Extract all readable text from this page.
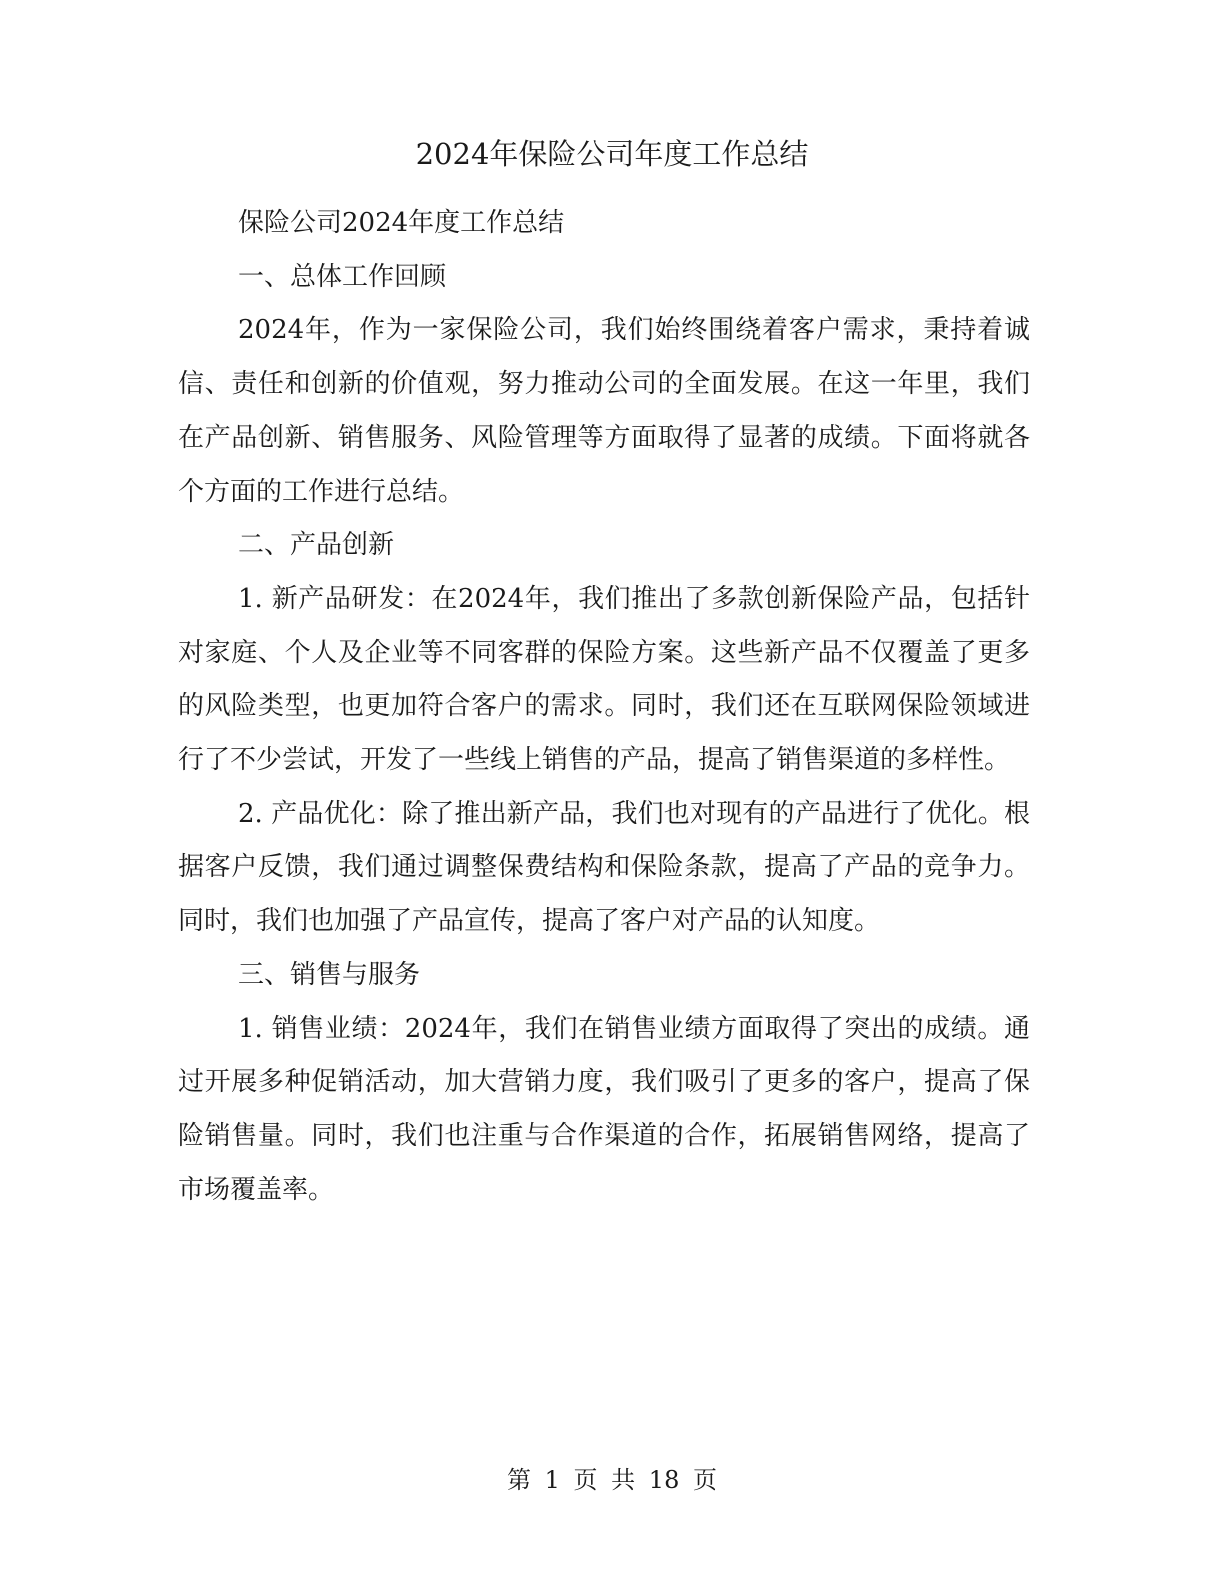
2024年保险公司年度工作总结

保险公司2024年度工作总结

一、总体工作回顾

2024年，作为一家保险公司，我们始终围绕着客户需求，秉持着诚信、责任和创新的价值观，努力推动公司的全面发展。在这一年里，我们在产品创新、销售服务、风险管理等方面取得了显著的成绩。下面将就各个方面的工作进行总结。

二、产品创新

1. 新产品研发：在2024年，我们推出了多款创新保险产品，包括针对家庭、个人及企业等不同客群的保险方案。这些新产品不仅覆盖了更多的风险类型，也更加符合客户的需求。同时，我们还在互联网保险领域进行了不少尝试，开发了一些线上销售的产品，提高了销售渠道的多样性。

2. 产品优化：除了推出新产品，我们也对现有的产品进行了优化。根据客户反馈，我们通过调整保费结构和保险条款，提高了产品的竞争力。同时，我们也加强了产品宣传，提高了客户对产品的认知度。

三、销售与服务

1. 销售业绩：2024年，我们在销售业绩方面取得了突出的成绩。通过开展多种促销活动，加大营销力度，我们吸引了更多的客户，提高了保险销售量。同时，我们也注重与合作渠道的合作，拓展销售网络，提高了市场覆盖率。

第 1 页 共 18 页
